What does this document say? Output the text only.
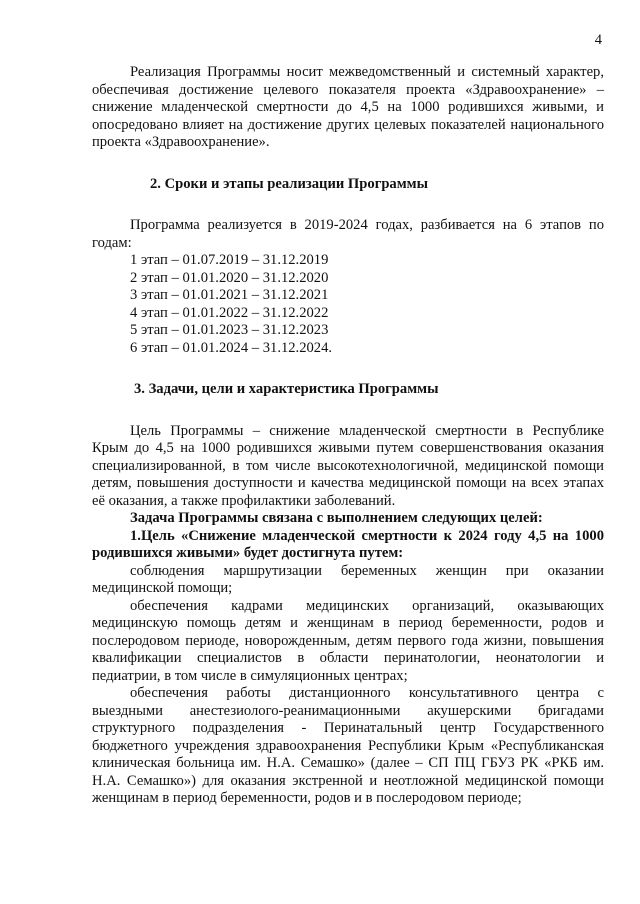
4

Реализация Программы носит межведомственный и системный характер, обеспечивая достижение целевого показателя проекта «Здравоохранение» – снижение младенческой смертности до 4,5 на 1000 родившихся живыми, и опосредовано влияет на достижение других целевых показателей национального проекта «Здравоохранение».

2. Сроки и этапы реализации Программы

Программа реализуется в 2019-2024 годах, разбивается на 6 этапов по годам:

1 этап – 01.07.2019 – 31.12.2019
2 этап – 01.01.2020 – 31.12.2020
3 этап – 01.01.2021 – 31.12.2021
4 этап – 01.01.2022 – 31.12.2022
5 этап – 01.01.2023 – 31.12.2023
6 этап – 01.01.2024 – 31.12.2024.

3. Задачи, цели и характеристика Программы

Цель Программы – снижение младенческой смертности в Республике Крым до 4,5 на 1000 родившихся живыми путем совершенствования оказания специализированной, в том числе высокотехнологичной, медицинской помощи детям, повышения доступности и качества медицинской помощи на всех этапах её оказания, а также профилактики заболеваний.

Задача Программы связана с выполнением следующих целей:

1.Цель «Снижение младенческой смертности к 2024 году 4,5 на 1000 родившихся живыми» будет достигнута путем:

соблюдения маршрутизации беременных женщин при оказании медицинской помощи;

обеспечения кадрами медицинских организаций, оказывающих медицинскую помощь детям и женщинам в период беременности, родов и послеродовом периоде, новорожденным, детям первого года жизни, повышения квалификации специалистов в области перинатологии, неонатологии и педиатрии, в том числе в симуляционных центрах;

обеспечения работы дистанционного консультативного центра с выездными анестезиолого-реанимационными акушерскими бригадами структурного подразделения - Перинатальный центр Государственного бюджетного учреждения здравоохранения Республики Крым «Республиканская клиническая больница им. Н.А. Семашко» (далее – СП ПЦ ГБУЗ РК «РКБ им. Н.А. Семашко») для оказания экстренной и неотложной медицинской помощи женщинам в период беременности, родов и в послеродовом периоде;
